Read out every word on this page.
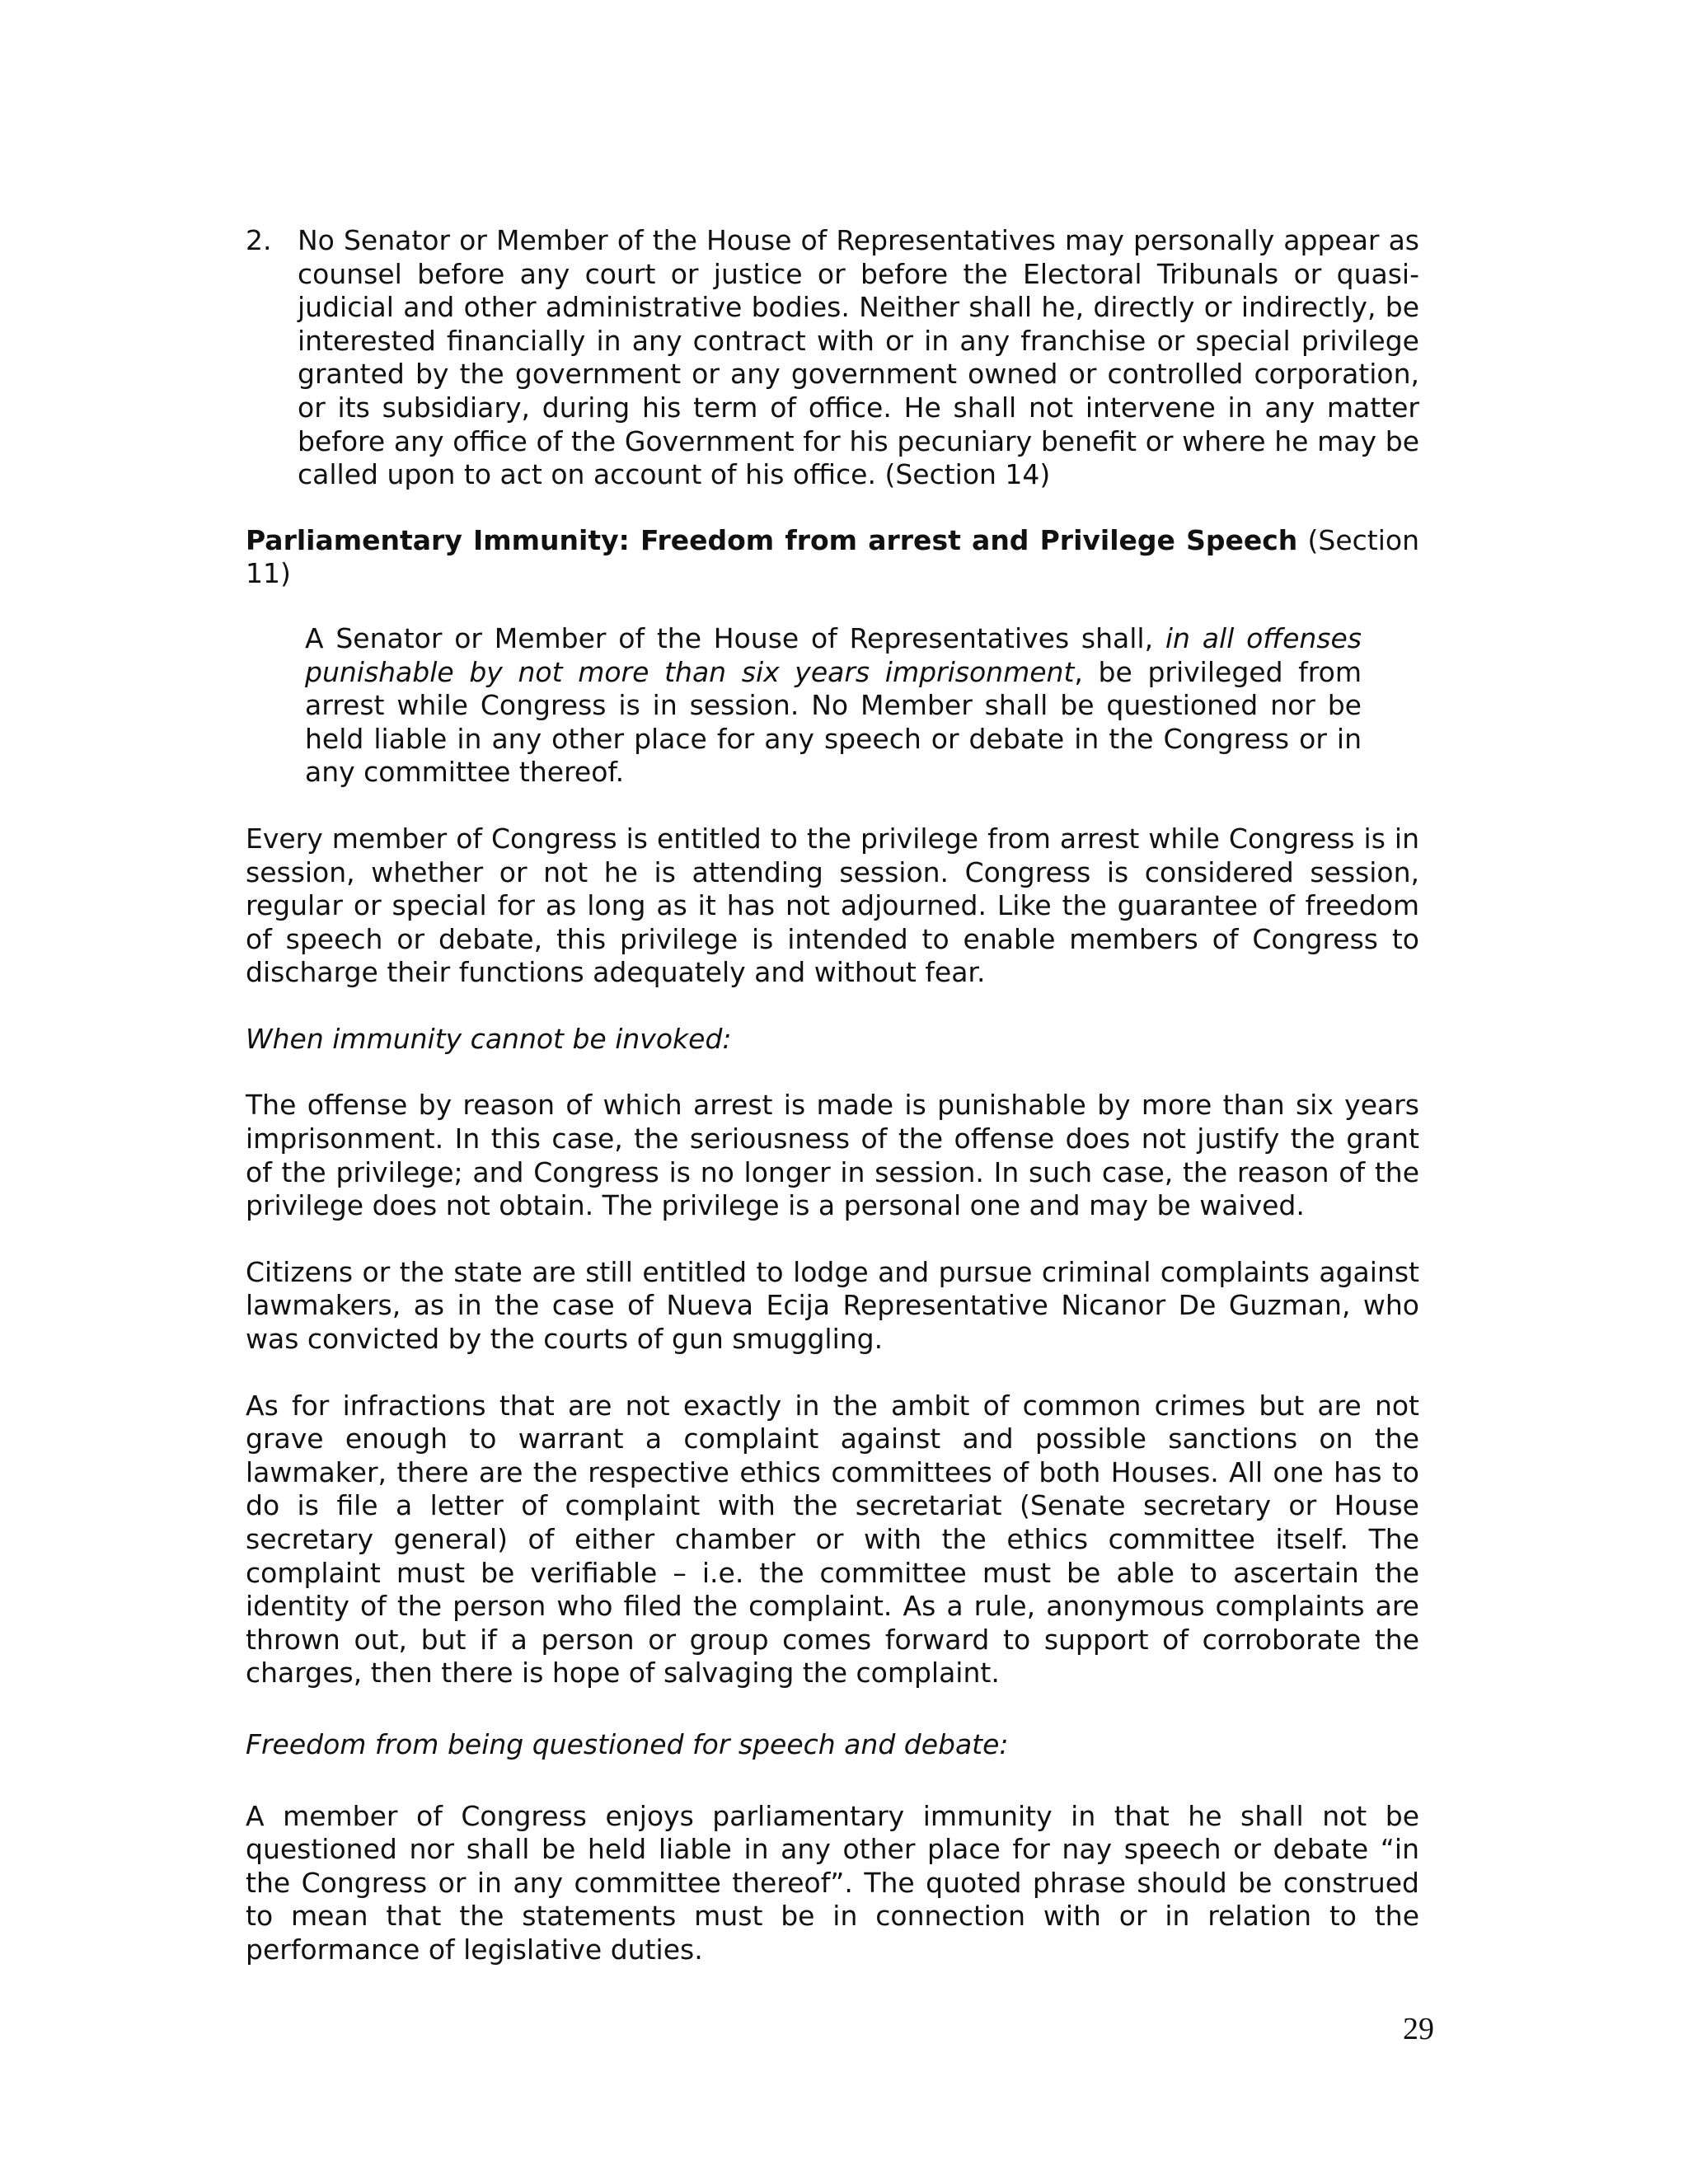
2. No Senator or Member of the House of Representatives may personally appear as counsel before any court or justice or before the Electoral Tribunals or quasi-judicial and other administrative bodies. Neither shall he, directly or indirectly, be interested financially in any contract with or in any franchise or special privilege granted by the government or any government owned or controlled corporation, or its subsidiary, during his term of office. He shall not intervene in any matter before any office of the Government for his pecuniary benefit or where he may be called upon to act on account of his office. (Section 14)

Parliamentary Immunity: Freedom from arrest and Privilege Speech (Section 11)

A Senator or Member of the House of Representatives shall, in all offenses punishable by not more than six years imprisonment, be privileged from arrest while Congress is in session. No Member shall be questioned nor be held liable in any other place for any speech or debate in the Congress or in any committee thereof.

Every member of Congress is entitled to the privilege from arrest while Congress is in session, whether or not he is attending session. Congress is considered session, regular or special for as long as it has not adjourned. Like the guarantee of freedom of speech or debate, this privilege is intended to enable members of Congress to discharge their functions adequately and without fear.

When immunity cannot be invoked:

The offense by reason of which arrest is made is punishable by more than six years imprisonment. In this case, the seriousness of the offense does not justify the grant of the privilege; and Congress is no longer in session. In such case, the reason of the privilege does not obtain. The privilege is a personal one and may be waived.

Citizens or the state are still entitled to lodge and pursue criminal complaints against lawmakers, as in the case of Nueva Ecija Representative Nicanor De Guzman, who was convicted by the courts of gun smuggling.

As for infractions that are not exactly in the ambit of common crimes but are not grave enough to warrant a complaint against and possible sanctions on the lawmaker, there are the respective ethics committees of both Houses. All one has to do is file a letter of complaint with the secretariat (Senate secretary or House secretary general) of either chamber or with the ethics committee itself. The complaint must be verifiable – i.e. the committee must be able to ascertain the identity of the person who filed the complaint. As a rule, anonymous complaints are thrown out, but if a person or group comes forward to support of corroborate the charges, then there is hope of salvaging the complaint.

Freedom from being questioned for speech and debate:

A member of Congress enjoys parliamentary immunity in that he shall not be questioned nor shall be held liable in any other place for nay speech or debate “in the Congress or in any committee thereof”. The quoted phrase should be construed to mean that the statements must be in connection with or in relation to the performance of legislative duties.

29
